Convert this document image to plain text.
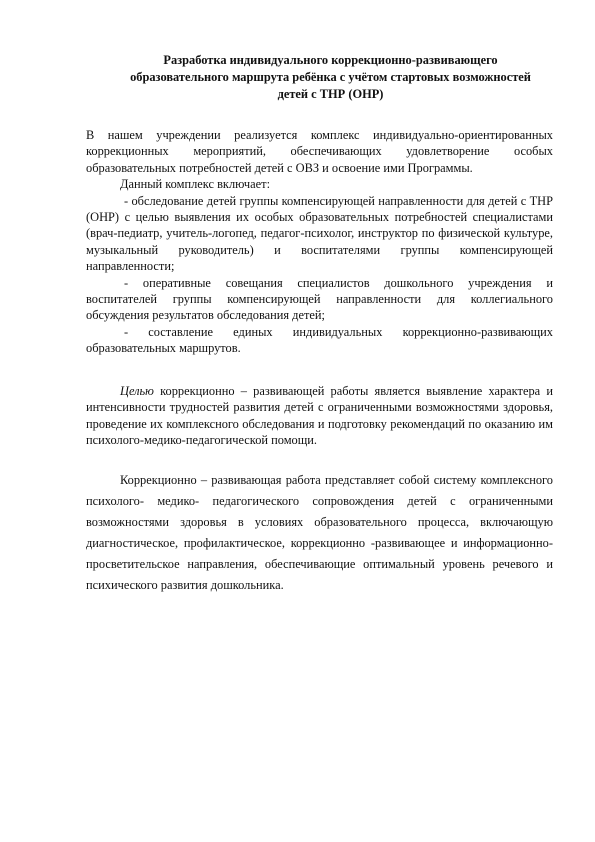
Разработка индивидуального коррекционно-развивающего
образовательного маршрута ребёнка с учётом стартовых возможностей
детей с ТНР (ОНР)

В нашем учреждении реализуется комплекс индивидуально-ориентированных коррекционных мероприятий, обеспечивающих удовлетворение особых образовательных потребностей детей с ОВЗ и освоение ими Программы.

Данный комплекс включает:

- обследование детей группы компенсирующей направленности для детей с ТНР (ОНР) с целью выявления их особых образовательных потребностей специалистами (врач-педиатр, учитель-логопед, педагог-психолог, инструктор по физической культуре, музыкальный руководитель) и воспитателями группы компенсирующей направленности;

- оперативные совещания специалистов дошкольного учреждения и воспитателей группы компенсирующей направленности для коллегиального обсуждения результатов обследования детей;

- составление единых индивидуальных коррекционно-развивающих образовательных маршрутов.

Целью коррекционно – развивающей работы является выявление характера и интенсивности трудностей развития детей с ограниченными возможностями здоровья, проведение их комплексного обследования и подготовку рекомендаций по оказанию им психолого-медико-педагогической помощи.

Коррекционно – развивающая работа представляет собой систему комплексного психолого- медико- педагогического сопровождения детей с ограниченными возможностями здоровья в условиях образовательного процесса, включающую диагностическое, профилактическое, коррекционно -развивающее и информационно-просветительское направления, обеспечивающие оптимальный уровень речевого и психического развития дошкольника.
